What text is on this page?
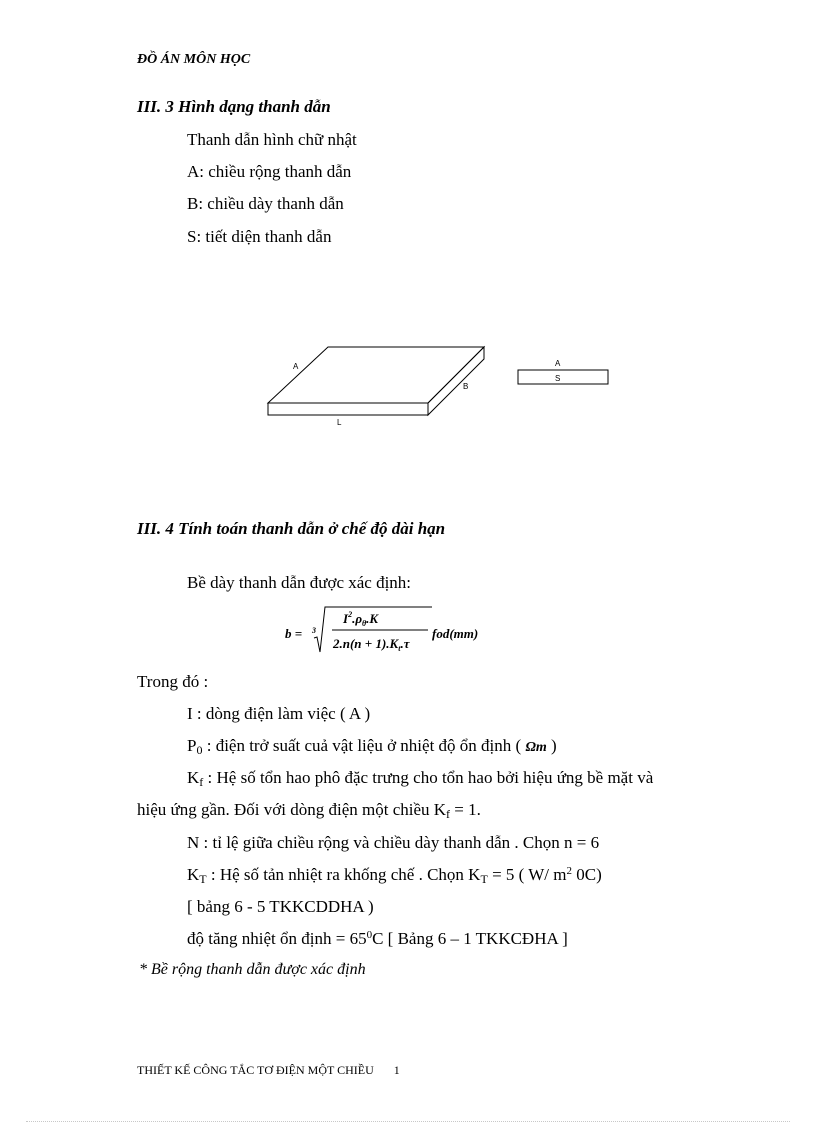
ĐỒ ÁN MÔN HỌC
III. 3 Hình dạng thanh dẫn
Thanh dẫn hình chữ nhật
A: chiều rộng thanh dẫn
B: chiều dày thanh dẫn
S: tiết diện thanh dẫn
A
B
L
A
S
III. 4 Tính toán thanh dẫn ở chế độ dài hạn
Bề dày thanh dẫn được xác định:
b = 3
$I^2.\rho_\theta.K$
$2.n(n + 1).K_t.\tau$
fod(mm)
Trong đó :
I : dòng điện làm việc ( A )
P0 : điện trở suất cuả vật liệu ở nhiệt độ ổn định ( Ωm )
Kf : Hệ số tổn hao phô đặc trưng cho tổn hao bởi hiệu ứng bề mặt và
hiệu ứng gần. Đối với dòng điện một chiều Kf = 1.
N : tỉ lệ giữa chiều rộng và chiều dày thanh dẫn . Chọn n = 6
KT : Hệ số tản nhiệt ra khống chế . Chọn KT = 5 ( W/ $m^2$ 0C)
[ bảng 6 - 5 TKKCDDHA )
độ tăng nhiệt ổn định = $65^0C$ [ Bảng 6 – 1 TKKCĐHA ]
* Bề rộng thanh dẫn được xác định
THIẾT KẾ CÔNG TẮC TƠ ĐIỆN MỘT CHIỀU 1
